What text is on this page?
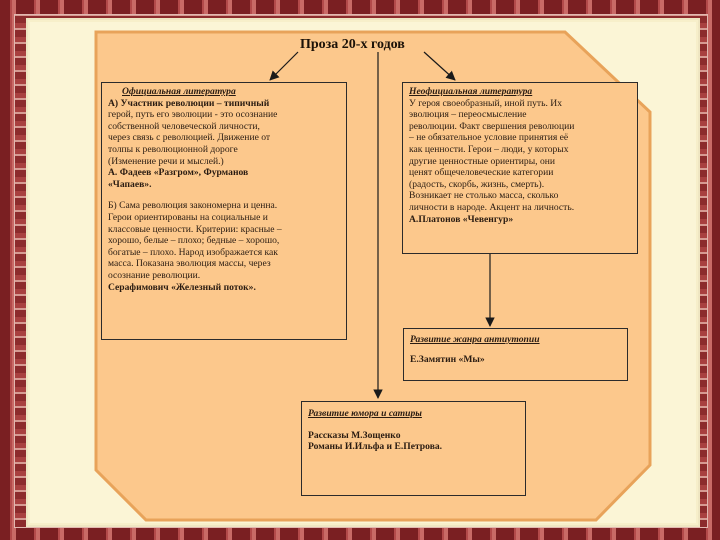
Проза 20-х годов
Официальная литература
А) Участник революции – типичный
герой, путь его эволюции - это осознание
собственной человеческой личности,
через связь с революцией. Движение от
толпы к революционной дороге
(Изменение речи и мыслей.)
А. Фадеев «Разгром», Фурманов
«Чапаев».
Б) Сама революция закономерна и ценна.
Герои ориентированы на социальные и
классовые ценности. Критерии: красные –
хорошо, белые – плохо; бедные – хорошо,
богатые – плохо. Народ изображается как
масса. Показана эволюция массы, через
осознание революции.
Серафимович «Железный поток».
Неофициальная литература
У героя своеобразный, иной путь. Их
эволюция – переосмысление
революции. Факт свершения революции
– не обязательное условие принятия её
как ценности. Герои – люди, у которых
другие ценностные ориентиры, они
ценят общечеловеческие категории
(радость, скорбь, жизнь, смерть).
Возникает не столько масса, сколько
личности в народе. Акцент на личность.
А.Платонов «Чевенгур»
Развитие жанра антиутопии
Е.Замятин «Мы»
Развитие юмора и сатиры
Рассказы М.Зощенко
Романы И.Ильфа и Е.Петрова.
